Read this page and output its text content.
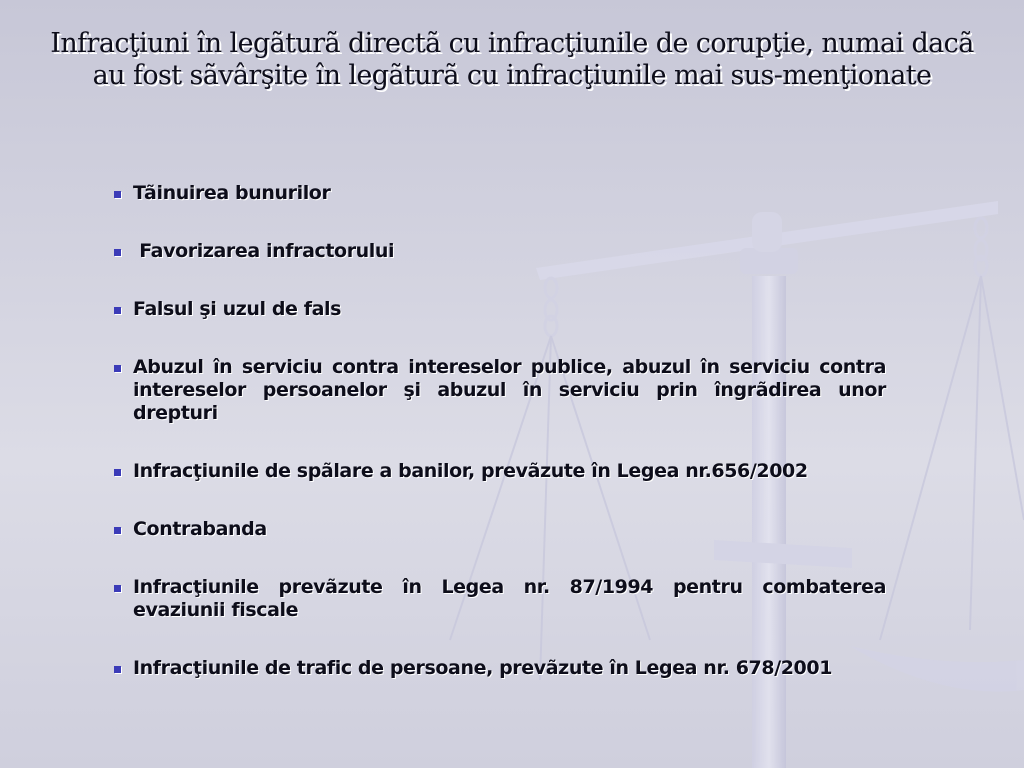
Infracţiuni în legãturã directã cu infracţiunile de corupţie, numai dacã au fost sãvârşite în legãturã cu infracţiunile mai sus-menţionate
Tãinuirea bunurilor
Favorizarea infractorului
Falsul şi uzul de fals
Abuzul în serviciu contra intereselor publice, abuzul în serviciu contra intereselor persoanelor şi abuzul în serviciu prin îngrãdirea unor drepturi
Infracţiunile de spãlare a banilor, prevãzute în Legea nr.656/2002
Contrabanda
Infracţiunile prevãzute în Legea nr. 87/1994 pentru combaterea evaziunii fiscale
Infracţiunile de trafic de persoane, prevãzute în Legea nr. 678/2001
